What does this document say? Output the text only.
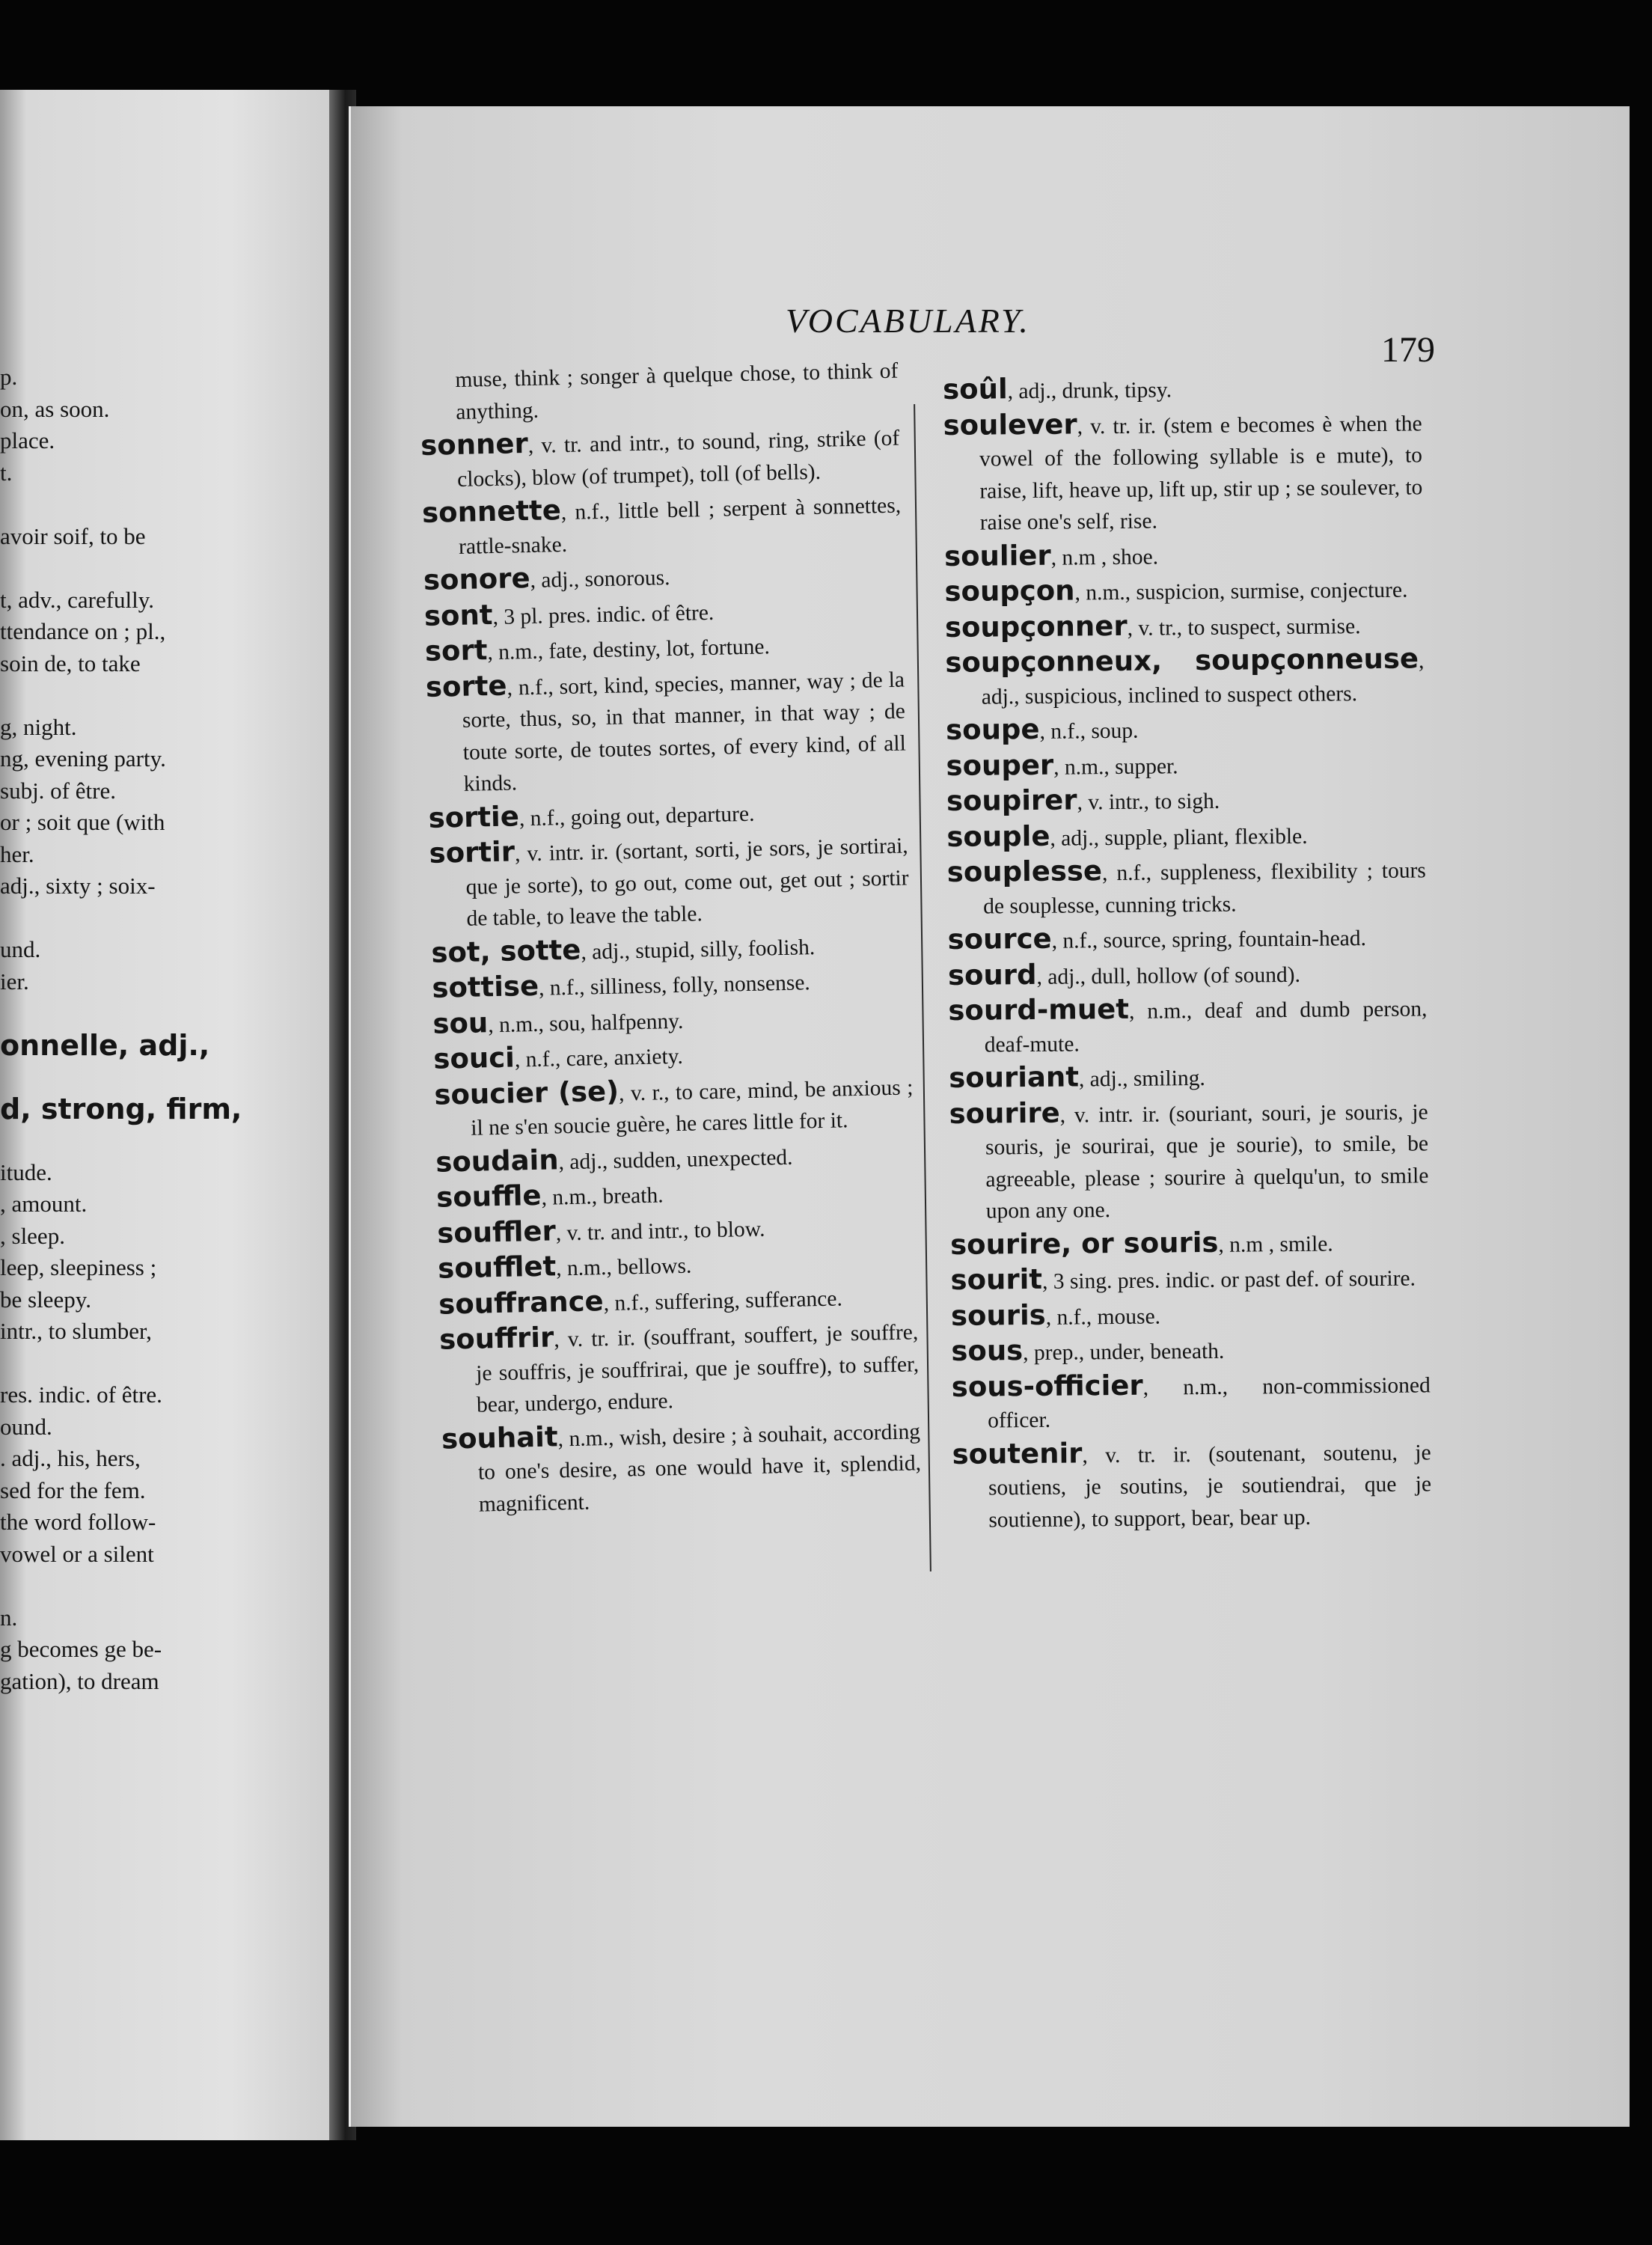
p.
on, as soon.
place.
t.
avoir soif, to be
t, adv., carefully.
ttendance on ; pl.,
soin de, to take
g, night.
ng, evening party.
subj. of être.
or ; soit que (with
her.
adj., sixty ; soix-
und.
ier.
onnelle, adj.,
d, strong, firm,
itude.
, amount.
, sleep.
leep, sleepiness ;
be sleepy.
intr., to slumber,
res. indic. of être.
ound.
. adj., his, hers,
sed for the fem.
the word follow-
vowel or a silent
n.
g becomes ge be-
gation), to dream
VOCABULARY.
179
muse, think ; songer à quelque chose, to think of anything.
sonner, v. tr. and intr., to sound, ring, strike (of clocks), blow (of trumpet), toll (of bells).
sonnette, n.f., little bell ; serpent à sonnettes, rattle-snake.
sonore, adj., sonorous.
sont, 3 pl. pres. indic. of être.
sort, n.m., fate, destiny, lot, fortune.
sorte, n.f., sort, kind, species, manner, way ; de la sorte, thus, so, in that manner, in that way ; de toute sorte, de toutes sortes, of every kind, of all kinds.
sortie, n.f., going out, departure.
sortir, v. intr. ir. (sortant, sorti, je sors, je sortirai, que je sorte), to go out, come out, get out ; sortir de table, to leave the table.
sot, sotte, adj., stupid, silly, foolish.
sottise, n.f., silliness, folly, nonsense.
sou, n.m., sou, halfpenny.
souci, n.f., care, anxiety.
soucier (se), v. r., to care, mind, be anxious ; il ne s'en soucie guère, he cares little for it.
soudain, adj., sudden, unexpected.
souffle, n.m., breath.
souffler, v. tr. and intr., to blow.
soufflet, n.m., bellows.
souffrance, n.f., suffering, sufferance.
souffrir, v. tr. ir. (souffrant, souffert, je souffre, je souffris, je souffrirai, que je souffre), to suffer, bear, undergo, endure.
souhait, n.m., wish, desire ; à souhait, according to one's desire, as one would have it, splendid, magnificent.
soûl, adj., drunk, tipsy.
soulever, v. tr. ir. (stem e becomes è when the vowel of the following syllable is e mute), to raise, lift, heave up, lift up, stir up ; se soulever, to raise one's self, rise.
soulier, n.m , shoe.
soupçon, n.m., suspicion, surmise, conjecture.
soupçonner, v. tr., to suspect, surmise.
soupçonneux, soupçonneuse, adj., suspicious, inclined to suspect others.
soupe, n.f., soup.
souper, n.m., supper.
soupirer, v. intr., to sigh.
souple, adj., supple, pliant, flexible.
souplesse, n.f., suppleness, flexibility ; tours de souplesse, cunning tricks.
source, n.f., source, spring, fountain-head.
sourd, adj., dull, hollow (of sound).
sourd-muet, n.m., deaf and dumb person, deaf-mute.
souriant, adj., smiling.
sourire, v. intr. ir. (souriant, souri, je souris, je souris, je sourirai, que je sourie), to smile, be agreeable, please ; sourire à quelqu'un, to smile upon any one.
sourire, or souris, n.m , smile.
sourit, 3 sing. pres. indic. or past def. of sourire.
souris, n.f., mouse.
sous, prep., under, beneath.
sous-officier, n.m., non-commissioned officer.
soutenir, v. tr. ir. (soutenant, soutenu, je soutiens, je soutins, je soutiendrai, que je soutienne), to support, bear, bear up.
